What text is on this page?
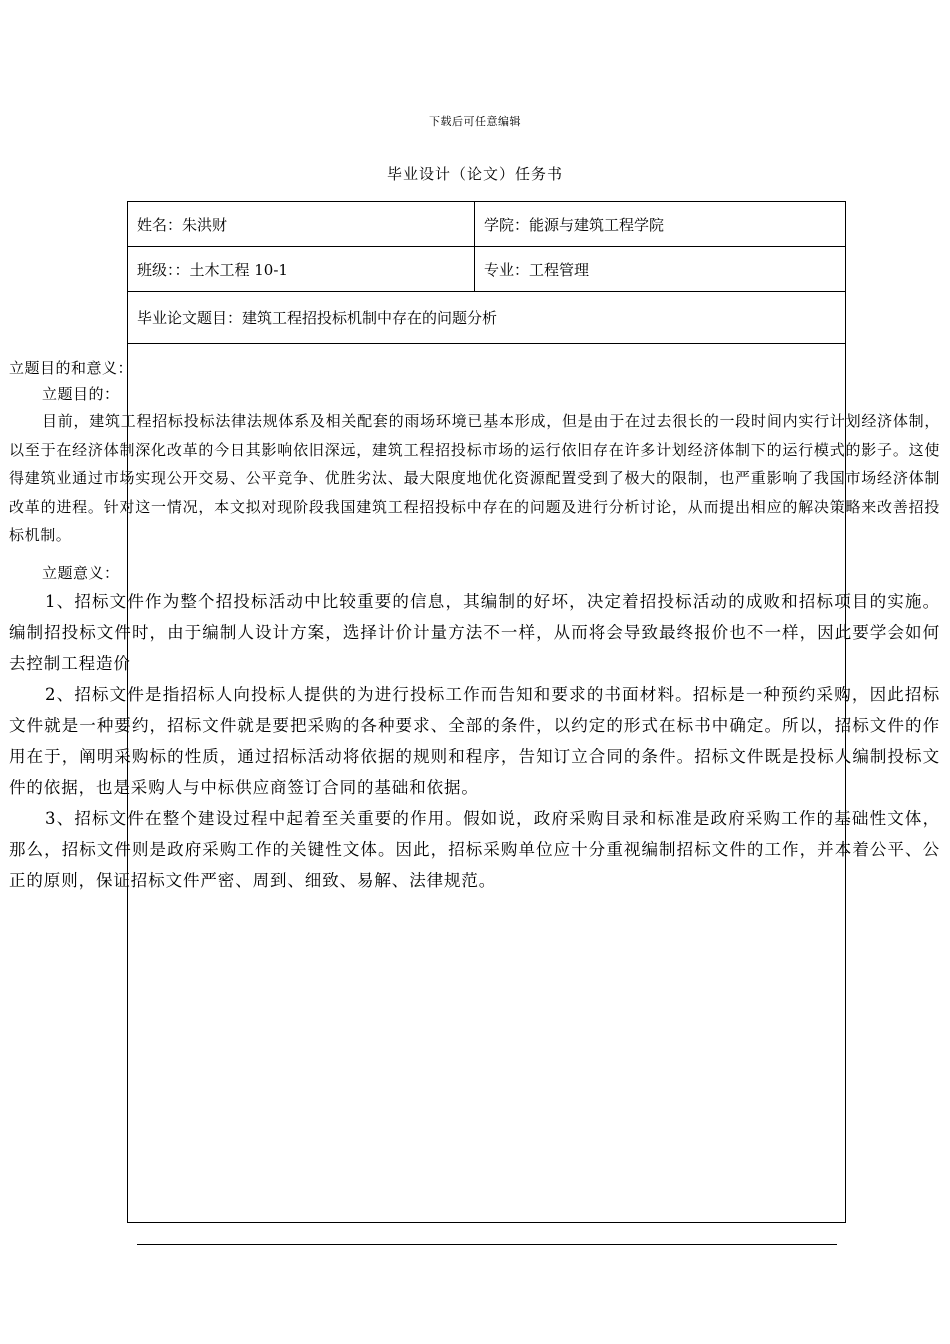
下载后可任意编辑
毕业设计（论文）任务书
姓名：朱洪财	学院：能源与建筑工程学院
班级：：土木工程 10-1	专业：工程管理
毕业论文题目：建筑工程招投标机制中存在的问题分析
立题目的和意义：
立题目的：

目前，建筑工程招标投标法律法规体系及相关配套的雨场环境已基本形成，但是由于在过去很长的一段时间内实行计划经济体制，以至于在经济体制深化改革的今日其影响依旧深远，建筑工程招投标市场的运行依旧存在许多计划经济体制下的运行模式的影子。这使得建筑业通过市场实现公开交易、公平竞争、优胜劣汰、最大限度地优化资源配置受到了极大的限制，也严重影响了我国市场经济体制改革的进程。针对这一情况，本文拟对现阶段我国建筑工程招投标中存在的问题及进行分析讨论，从而提出相应的解决策略来改善招投标机制。

立题意义：

1、招标文件作为整个招投标活动中比较重要的信息，其编制的好坏，决定着招投标活动的成败和招标项目的实施。编制招投标文件时，由于编制人设计方案，选择计价计量方法不一样，从而将会导致最终报价也不一样，因此要学会如何去控制工程造价

2、招标文件是指招标人向投标人提供的为进行投标工作而告知和要求的书面材料。招标是一种预约采购，因此招标文件就是一种要约，招标文件就是要把采购的各种要求、全部的条件，以约定的形式在标书中确定。所以，招标文件的作用在于，阐明采购标的性质，通过招标活动将依据的规则和程序，告知订立合同的条件。招标文件既是投标人编制投标文件的依据，也是采购人与中标供应商签订合同的基础和依据。

3、招标文件在整个建设过程中起着至关重要的作用。假如说，政府采购目录和标准是政府采购工作的基础性文体，那么，招标文件则是政府采购工作的关键性文体。因此，招标采购单位应十分重视编制招标文件的工作，并本着公平、公正的原则，保证招标文件严密、周到、细致、易解、法律规范。
